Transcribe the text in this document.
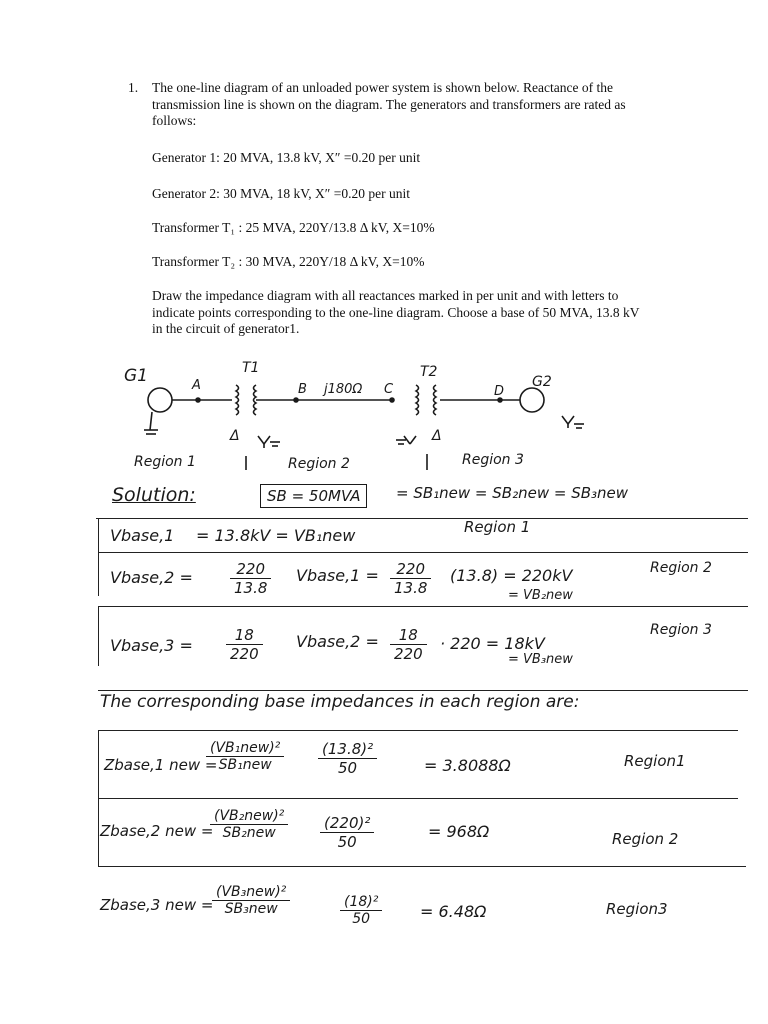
1. The one-line diagram of an unloaded power system is shown below. Reactance of the transmission line is shown on the diagram. The generators and transformers are rated as follows:
Generator 1: 20 MVA, 13.8 kV, X″ =0.20 per unit
Generator 2: 30 MVA, 18 kV, X″ =0.20 per unit
Transformer T₁ : 25 MVA, 220Y/13.8 Δ kV, X=10%
Transformer T₂ : 30 MVA, 220Y/18 Δ kV, X=10%
Draw the impedance diagram with all reactances marked in per unit and with letters to indicate points corresponding to the one-line diagram. Choose a base of 50 MVA, 13.8 kV in the circuit of generator1.
G1	T1	T2
G2
A	B j180Ω C	D
Δ	Δ
Region 1	Region 2	Region 3
Solution:	SB = 50MVA	= SB₁new = SB₂new = SB₃new
Vbase,1 = 13.8kV = VB₁new	Region 1
Vbase,2 = $\frac{220}{13.8}$ Vbase,1 = $\frac{220}{13.8} (13.8) = 220kV$
= VB₂new
Region 2
Vbase,3 = $\frac{18}{220}$ Vbase,2 = $\frac{18}{220} \cdot 220 = 18kV$
= VB₃new
Region 3
The corresponding base impedances in each region are:
Zbase,1 new =
(VB₁new)²
SB₁new	$\frac{\text{(13.8)²}}{50}$	= 3.8088Ω	Region1
Zbase,2 new =
(VB₂new)²
SB₂new	$\frac{\text{(220)²}}{50}$	= 968Ω	Region 2
Zbase,3 new =
(VB₃new)²
SB₃new	$\frac{\text{(18)²}}{50} = 6.48\Omega$	Region3
